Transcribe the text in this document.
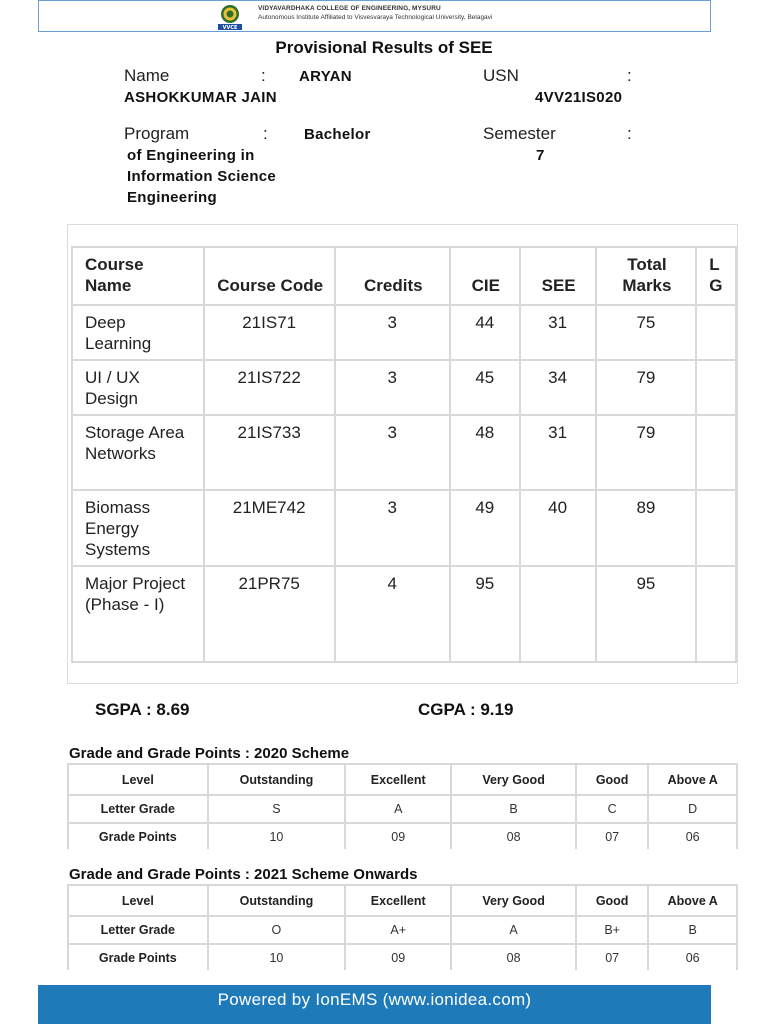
VVCE
VIDYAVARDHAKA COLLEGE OF ENGINEERING, MYSURU
Autonomous Institute Affiliated to Visvesvaraya Technological University, Belagavi
Provisional Results of SEE
Name	: ARYAN
ASHOKKUMAR JAIN
USN	:
4VV21IS020
Program	: Bachelor
of Engineering in
Information Science
Engineering
Semester	:
7
Course Name	Course Code	Credits	CIE	SEE	Total Marks	L G
Deep Learning	21IS71	3	44	31	75	
UI / UX Design	21IS722	3	45	34	79	
Storage Area Networks	21IS733	3	48	31	79	
Biomass Energy Systems	21ME742	3	49	40	89	
Major Project (Phase - I)	21PR75	4	95		95	
SGPA : 8.69	CGPA : 9.19
Grade and Grade Points : 2020 Scheme
Level	Outstanding	Excellent	Very Good	Good	Above A
Letter Grade	S	A	B	C	D
Grade Points	10	09	08	07	06
Grade and Grade Points : 2021 Scheme Onwards
Level	Outstanding	Excellent	Very Good	Good	Above A
Letter Grade	O	A+	A	B+	B
Grade Points	10	09	08	07	06
Powered by IonEMS (www.ionidea.com)
